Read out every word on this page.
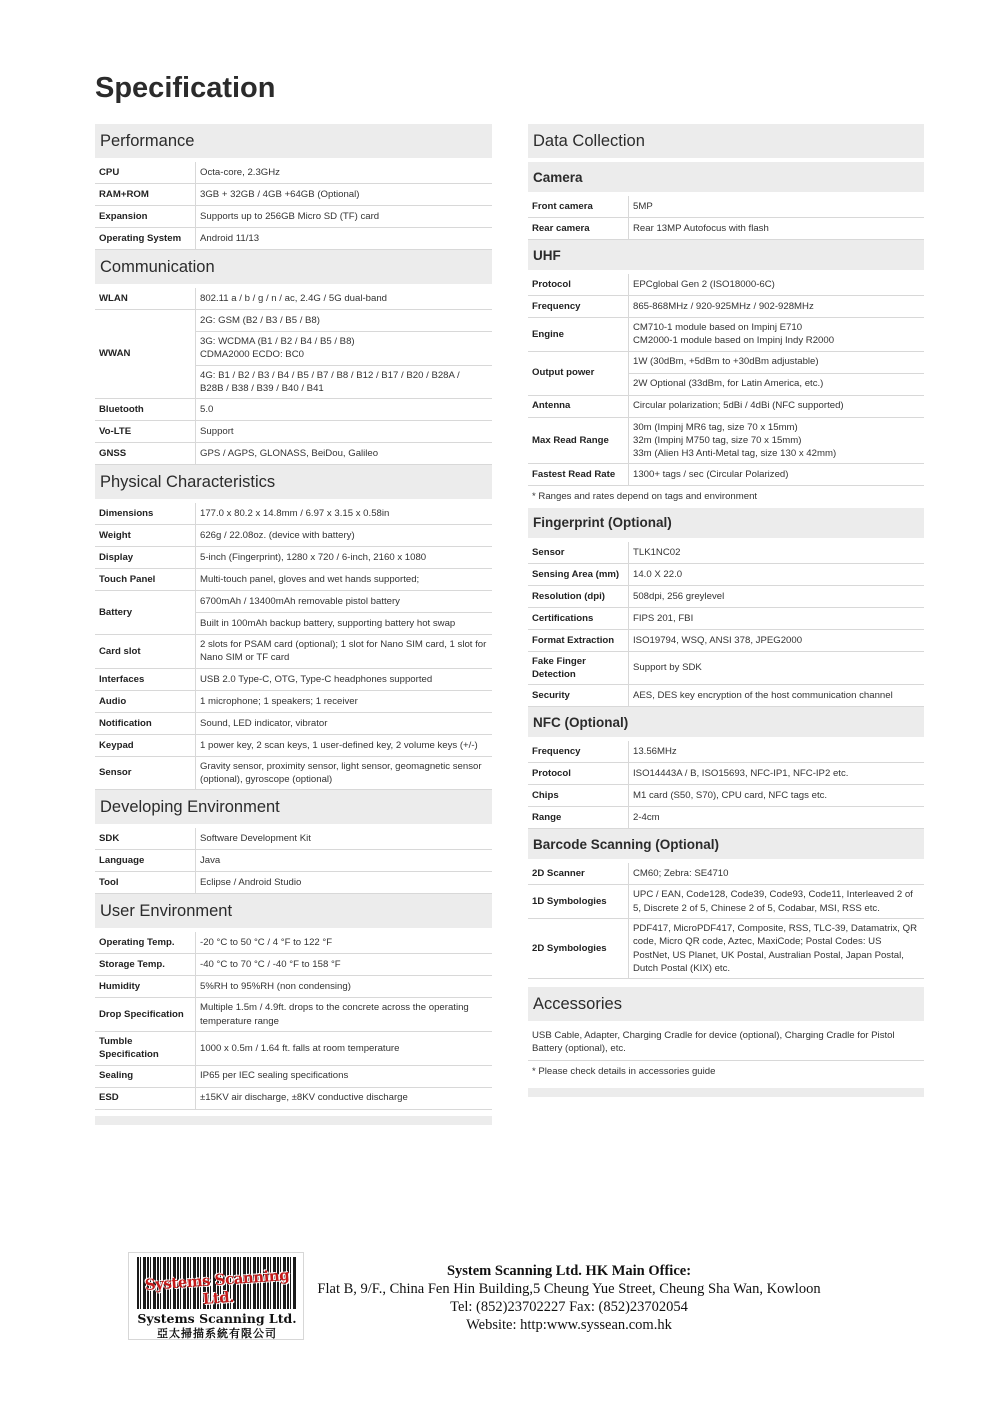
Specification
Performance
CPU	Octa-core, 2.3GHz
RAM+ROM	3GB + 32GB / 4GB +64GB (Optional)
Expansion	Supports up to 256GB Micro SD (TF) card
Operating System	Android 11/13
Communication
WLAN	802.11 a / b / g / n / ac, 2.4G / 5G dual-band
WWAN	2G: GSM (B2 / B3 / B5 / B8)
	3G: WCDMA (B1 / B2 / B4 / B5 / B8)
CDMA2000 ECDO: BC0
	4G: B1 / B2 / B3 / B4 / B5 / B7 / B8 / B12 / B17 / B20 / B28A /
B28B / B38 / B39 / B40 / B41
Bluetooth	5.0
Vo-LTE	Support
GNSS	GPS / AGPS, GLONASS, BeiDou, Galileo
Physical Characteristics
Dimensions	177.0 x 80.2 x 14.8mm / 6.97 x 3.15 x 0.58in
Weight	626g / 22.08oz. (device with battery)
Display	5-inch (Fingerprint), 1280 x 720 / 6-inch, 2160 x 1080
Touch Panel	Multi-touch panel, gloves and wet hands supported;
Battery	6700mAh / 13400mAh removable pistol battery
	Built in 100mAh backup battery, supporting battery hot swap
Card slot	2 slots for PSAM card (optional); 1 slot for Nano SIM card, 1 slot for Nano SIM or TF card
Interfaces	USB 2.0 Type-C, OTG, Type-C headphones supported
Audio	1 microphone; 1 speakers; 1 receiver
Notification	Sound, LED indicator, vibrator
Keypad	1 power key, 2 scan keys, 1 user-defined key, 2 volume keys (+/-)
Sensor	Gravity sensor, proximity sensor, light sensor, geomagnetic sensor (optional), gyroscope (optional)
Developing Environment
SDK	Software Development Kit
Language	Java
Tool	Eclipse / Android Studio
User Environment
Operating Temp.	-20 °C to 50 °C / 4 °F to 122 °F
Storage Temp.	-40 °C to 70 °C / -40 °F to 158 °F
Humidity	5%RH to 95%RH (non condensing)
Drop Specification	Multiple 1.5m / 4.9ft. drops to the concrete across the operating temperature range
Tumble Specification	1000 x 0.5m / 1.64 ft. falls at room temperature
Sealing	IP65 per IEC sealing specifications
ESD	±15KV air discharge, ±8KV conductive discharge
Data Collection
Camera
Front camera	5MP
Rear camera	Rear 13MP Autofocus with flash
UHF
Protocol	EPCglobal Gen 2 (ISO18000-6C)
Frequency	865-868MHz / 920-925MHz / 902-928MHz
Engine	CM710-1 module based on Impinj E710
CM2000-1 module based on Impinj Indy R2000
Output power	1W (30dBm, +5dBm to +30dBm adjustable)
	2W Optional (33dBm, for Latin America, etc.)
Antenna	Circular polarization; 5dBi / 4dBi (NFC supported)
Max Read Range	30m (Impinj MR6 tag, size 70 x 15mm)
32m (Impinj M750 tag, size 70 x 15mm)
33m (Alien H3 Anti-Metal tag, size 130 x 42mm)
Fastest Read Rate	1300+ tags / sec (Circular Polarized)
* Ranges and rates depend on tags and environment
Fingerprint (Optional)
Sensor	TLK1NC02
Sensing Area (mm)	14.0 X 22.0
Resolution (dpi)	508dpi, 256 greylevel
Certifications	FIPS 201, FBI
Format Extraction	ISO19794, WSQ, ANSI 378, JPEG2000
Fake Finger Detection	Support by SDK
Security	AES, DES key encryption of the host communication channel
NFC (Optional)
Frequency	13.56MHz
Protocol	ISO14443A / B, ISO15693, NFC-IP1, NFC-IP2 etc.
Chips	M1 card (S50, S70), CPU card, NFC tags etc.
Range	2-4cm
Barcode Scanning (Optional)
2D Scanner	CM60; Zebra: SE4710
1D Symbologies	UPC / EAN, Code128, Code39, Code93, Code11, Interleaved 2 of 5, Discrete 2 of 5, Chinese 2 of 5, Codabar, MSI, RSS etc.
2D Symbologies	PDF417, MicroPDF417, Composite, RSS, TLC-39, Datamatrix, QR code, Micro QR code, Aztec, MaxiCode; Postal Codes: US PostNet, US Planet, UK Postal, Australian Postal, Japan Postal, Dutch Postal (KIX) etc.
Accessories
USB Cable, Adapter, Charging Cradle for device (optional), Charging Cradle for Pistol Battery (optional), etc.
* Please check details in accessories guide
Systems Scanning Ltd.
Systems Scanning Ltd.
亞太掃描系統有限公司
System Scanning Ltd. HK Main Office:
Flat B, 9/F., China Fen Hin Building,5 Cheung Yue Street, Cheung Sha Wan, Kowloon
Tel: (852)23702227 Fax: (852)23702054
Website: http:www.syssean.com.hk
